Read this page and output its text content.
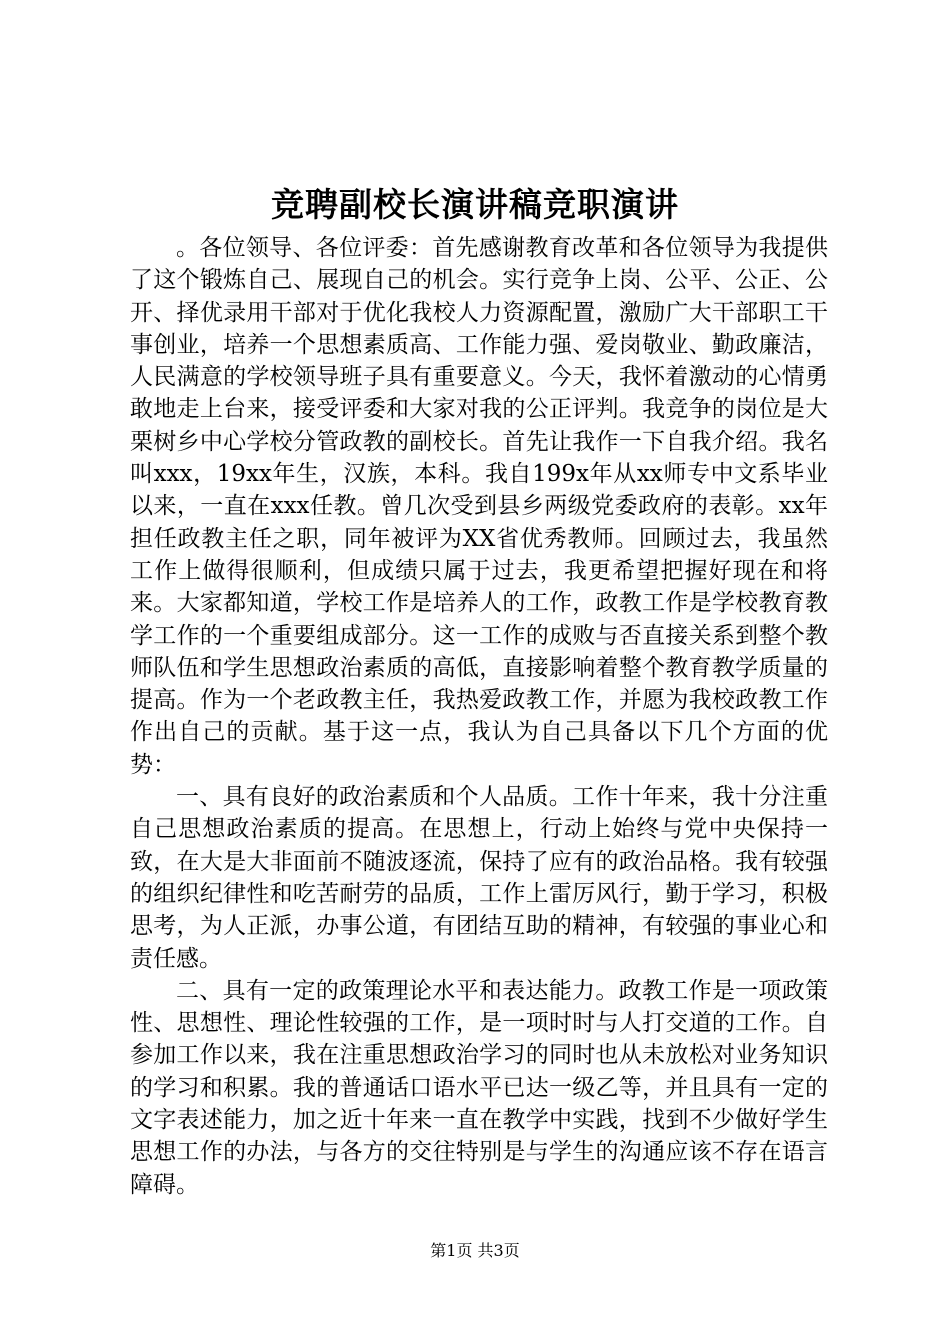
竞聘副校长演讲稿竞职演讲

。各位领导、各位评委：首先感谢教育改革和各位领导为我提供了这个锻炼自己、展现自己的机会。实行竞争上岗、公平、公正、公开、择优录用干部对于优化我校人力资源配置，激励广大干部职工干事创业，培养一个思想素质高、工作能力强、爱岗敬业、勤政廉洁，人民满意的学校领导班子具有重要意义。今天，我怀着激动的心情勇敢地走上台来，接受评委和大家对我的公正评判。我竞争的岗位是大栗树乡中心学校分管政教的副校长。首先让我作一下自我介绍。我名叫xxx，19xx年生，汉族，本科。我自199x年从xx师专中文系毕业以来，一直在xxx任教。曾几次受到县乡两级党委政府的表彰。xx年担任政教主任之职，同年被评为XX省优秀教师。回顾过去，我虽然工作上做得很顺利，但成绩只属于过去，我更希望把握好现在和将来。大家都知道，学校工作是培养人的工作，政教工作是学校教育教学工作的一个重要组成部分。这一工作的成败与否直接关系到整个教师队伍和学生思想政治素质的高低，直接影响着整个教育教学质量的提高。作为一个老政教主任，我热爱政教工作，并愿为我校政教工作作出自己的贡献。基于这一点，我认为自己具备以下几个方面的优势：

一、具有良好的政治素质和个人品质。工作十年来，我十分注重自己思想政治素质的提高。在思想上，行动上始终与党中央保持一致，在大是大非面前不随波逐流，保持了应有的政治品格。我有较强的组织纪律性和吃苦耐劳的品质，工作上雷厉风行，勤于学习，积极思考，为人正派，办事公道，有团结互助的精神，有较强的事业心和责任感。

二、具有一定的政策理论水平和表达能力。政教工作是一项政策性、思想性、理论性较强的工作，是一项时时与人打交道的工作。自参加工作以来，我在注重思想政治学习的同时也从未放松对业务知识的学习和积累。我的普通话口语水平已达一级乙等，并且具有一定的文字表述能力，加之近十年来一直在教学中实践，找到不少做好学生思想工作的办法，与各方的交往特别是与学生的沟通应该不存在语言障碍。

第1页 共3页
